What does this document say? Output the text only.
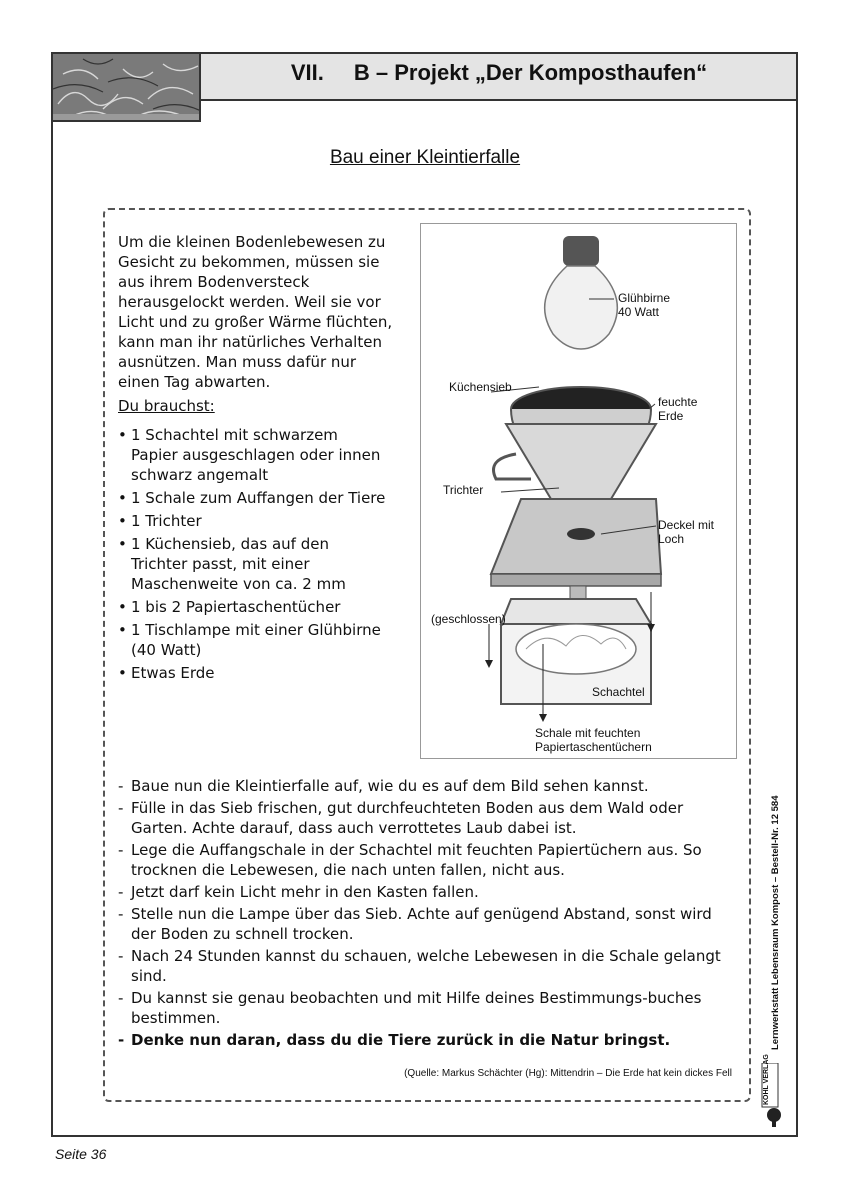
VII. B – Projekt „Der Komposthaufen“
Bau einer Kleintierfalle
Um die kleinen Bodenlebewesen zu Gesicht zu bekommen, müssen sie aus ihrem Bodenversteck herausgelockt werden. Weil sie vor Licht und zu großer Wärme flüchten, kann man ihr natürliches Verhalten ausnützen. Man muss dafür nur einen Tag abwarten.
Du brauchst:
• 1 Schachtel mit schwarzem Papier ausgeschlagen oder innen schwarz angemalt
• 1 Schale zum Auffangen der Tiere
• 1 Trichter
• 1 Küchensieb, das auf den Trichter passt, mit einer Maschenweite von ca. 2 mm
• 1 bis 2 Papiertaschentücher
• 1 Tischlampe mit einer Glühbirne (40 Watt)
• Etwas Erde
Glühbirne
40 Watt
Küchensieb
feuchte
Erde
Trichter
Deckel mit
Loch
(geschlossen)
Schachtel
Schale mit feuchten
Papiertaschentüchern
- Baue nun die Kleintierfalle auf, wie du es auf dem Bild sehen kannst.
- Fülle in das Sieb frischen, gut durchfeuchteten Boden aus dem Wald oder Garten. Achte darauf, dass auch verrottetes Laub dabei ist.
- Lege die Auffangschale in der Schachtel mit feuchten Papiertüchern aus. So trocknen die Lebewesen, die nach unten fallen, nicht aus.
- Jetzt darf kein Licht mehr in den Kasten fallen.
- Stelle nun die Lampe über das Sieb. Achte auf genügend Abstand, sonst wird der Boden zu schnell trocken.
- Nach 24 Stunden kannst du schauen, welche Lebewesen in die Schale gelangt sind.
- Du kannst sie genau beobachten und mit Hilfe deines Bestimmungs-buches bestimmen.
- Denke nun daran, dass du die Tiere zurück in die Natur bringst.
(Quelle: Markus Schächter (Hg): Mittendrin – Die Erde hat kein dickes Fell
Lernwerkstatt Lebensraum Kompost – Bestell-Nr. 12 584
KOHL VERLAG
Seite 36
